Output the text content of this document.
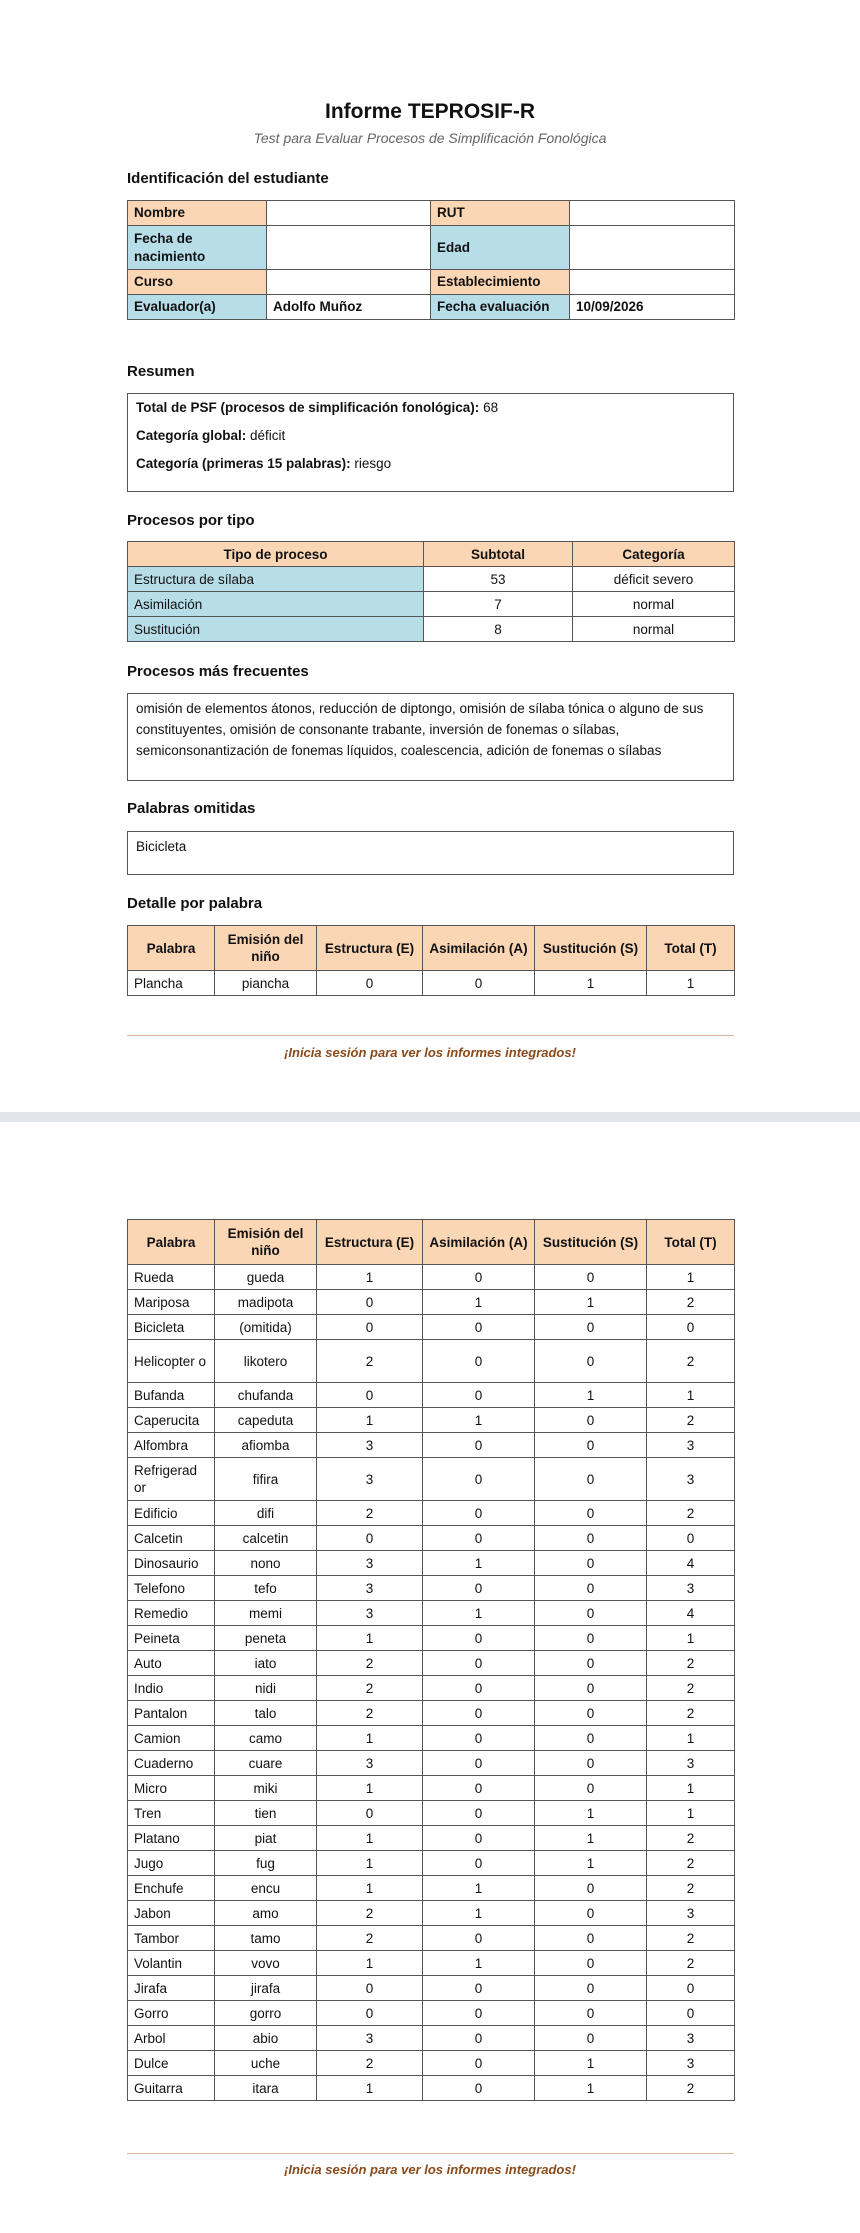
Informe TEPROSIF-R
Test para Evaluar Procesos de Simplificación Fonológica
Identificación del estudiante
Nombre		RUT	
Fecha de nacimiento		Edad	
Curso		Establecimiento	
Evaluador(a)	Adolfo Muñoz	Fecha evaluación	10/09/2026
Resumen

Total de PSF (procesos de simplificación fonológica): 68

Categoría global: déficit

Categoría (primeras 15 palabras): riesgo

Procesos por tipo
Tipo de proceso	Subtotal	Categoría
Estructura de sílaba	53	déficit severo
Asimilación	7	normal
Sustitución	8	normal
Procesos más frecuentes
omisión de elementos átonos, reducción de diptongo, omisión de sílaba tónica o alguno de sus constituyentes, omisión de consonante trabante, inversión de fonemas o sílabas, semiconsonantización de fonemas líquidos, coalescencia, adición de fonemas o sílabas
Palabras omitidas
Bicicleta
Detalle por palabra
Palabra	Emisión del niño	Estructura (E)	Asimilación (A)	Sustitución (S)	Total (T)
Plancha	piancha	0	0	1	1
¡Inicia sesión para ver los informes integrados!
Palabra	Emisión del niño	Estructura (E)	Asimilación (A)	Sustitución (S)	Total (T)
Rueda	gueda	1	0	0	1
Mariposa	madipota	0	1	1	2
Bicicleta	(omitida)	0	0	0	0
Helicopter o	likotero	2	0	0	2
Bufanda	chufanda	0	0	1	1
Caperucita	capeduta	1	1	0	2
Alfombra	afiomba	3	0	0	3
Refrigerad or	fifira	3	0	0	3
Edificio	difi	2	0	0	2
Calcetin	calcetin	0	0	0	0
Dinosaurio	nono	3	1	0	4
Telefono	tefo	3	0	0	3
Remedio	memi	3	1	0	4
Peineta	peneta	1	0	0	1
Auto	iato	2	0	0	2
Indio	nidi	2	0	0	2
Pantalon	talo	2	0	0	2
Camion	camo	1	0	0	1
Cuaderno	cuare	3	0	0	3
Micro	miki	1	0	0	1
Tren	tien	0	0	1	1
Platano	piat	1	0	1	2
Jugo	fug	1	0	1	2
Enchufe	encu	1	1	0	2
Jabon	amo	2	1	0	3
Tambor	tamo	2	0	0	2
Volantin	vovo	1	1	0	2
Jirafa	jirafa	0	0	0	0
Gorro	gorro	0	0	0	0
Arbol	abio	3	0	0	3
Dulce	uche	2	0	1	3
Guitarra	itara	1	0	1	2
¡Inicia sesión para ver los informes integrados!
